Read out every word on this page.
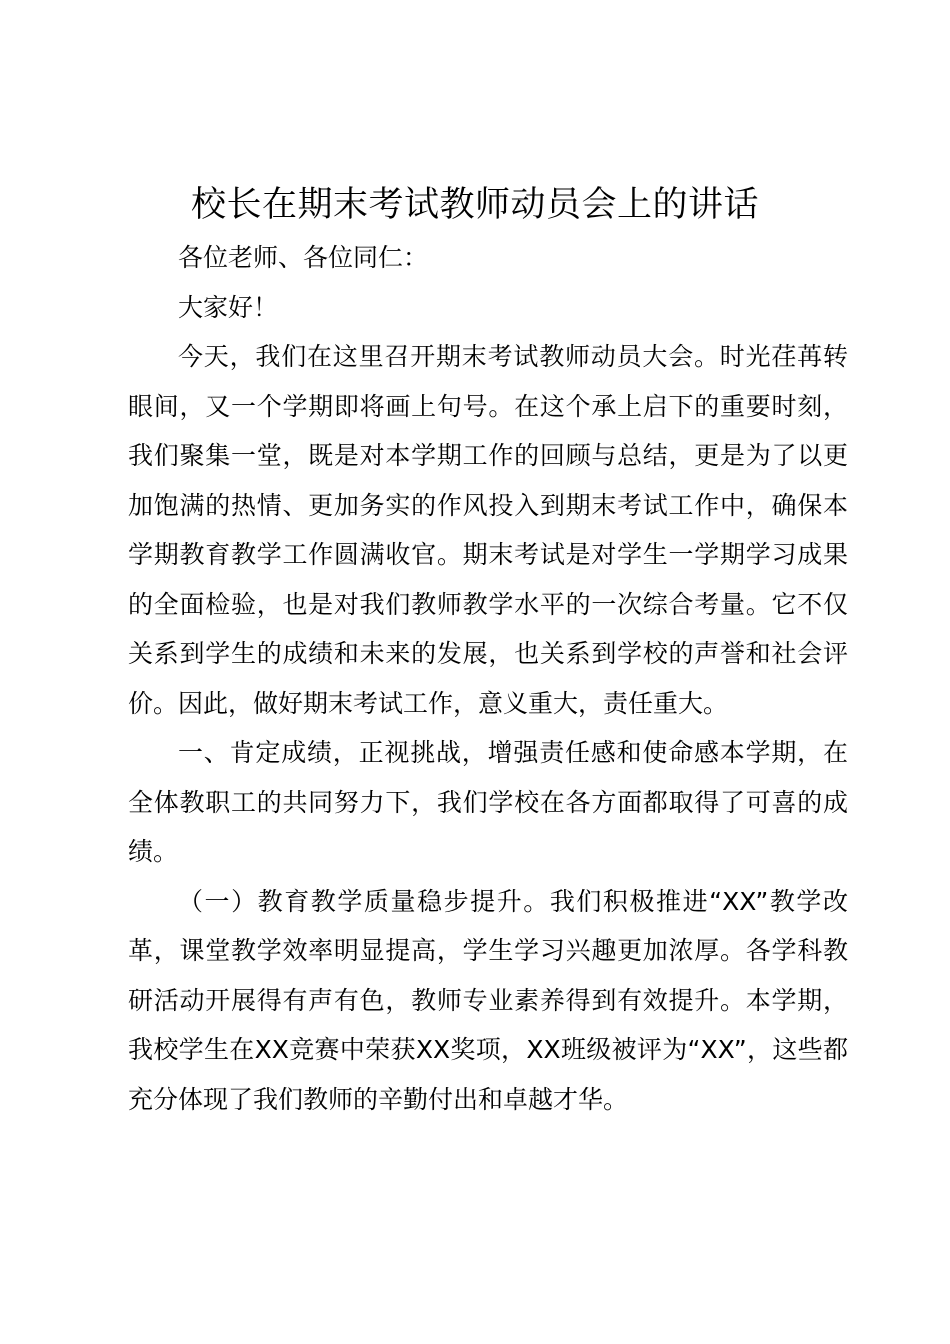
校长在期末考试教师动员会上的讲话

各位老师、各位同仁：

大家好！

今天，我们在这里召开期末考试教师动员大会。时光荏苒转眼间，又一个学期即将画上句号。在这个承上启下的重要时刻，我们聚集一堂，既是对本学期工作的回顾与总结，更是为了以更加饱满的热情、更加务实的作风投入到期末考试工作中，确保本学期教育教学工作圆满收官。期末考试是对学生一学期学习成果的全面检验，也是对我们教师教学水平的一次综合考量。它不仅关系到学生的成绩和未来的发展，也关系到学校的声誉和社会评价。因此，做好期末考试工作，意义重大，责任重大。

一、肯定成绩，正视挑战，增强责任感和使命感本学期，在全体教职工的共同努力下，我们学校在各方面都取得了可喜的成绩。

（一）教育教学质量稳步提升。我们积极推进“XX”教学改革，课堂教学效率明显提高，学生学习兴趣更加浓厚。各学科教研活动开展得有声有色，教师专业素养得到有效提升。本学期，我校学生在XX竞赛中荣获XX奖项，XX班级被评为“XX”，这些都充分体现了我们教师的辛勤付出和卓越才华。
